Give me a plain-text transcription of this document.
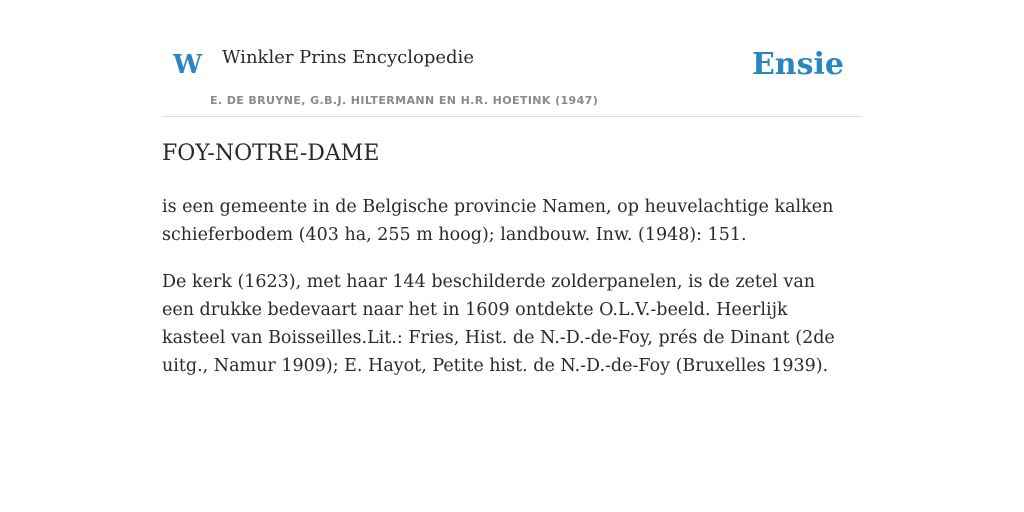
W Winkler Prins Encyclopedie
E. DE BRUYNE, G.B.J. HILTERMANN EN H.R. HOETINK (1947)
Ensie
FOY-NOTRE-DAME

is een gemeente in de Belgische provincie Namen, op heuvelachtige kalken schieferbodem (403 ha, 255 m hoog); landbouw. Inw. (1948): 151.

De kerk (1623), met haar 144 beschilderde zolderpanelen, is de zetel van een drukke bedevaart naar het in 1609 ontdekte O.L.V.-beeld. Heerlijk kasteel van Boisseilles.Lit.: Fries, Hist. de N.-D.-de-Foy, prés de Dinant (2de uitg., Namur 1909); E. Hayot, Petite hist. de N.-D.-de-Foy (Bruxelles 1939).
